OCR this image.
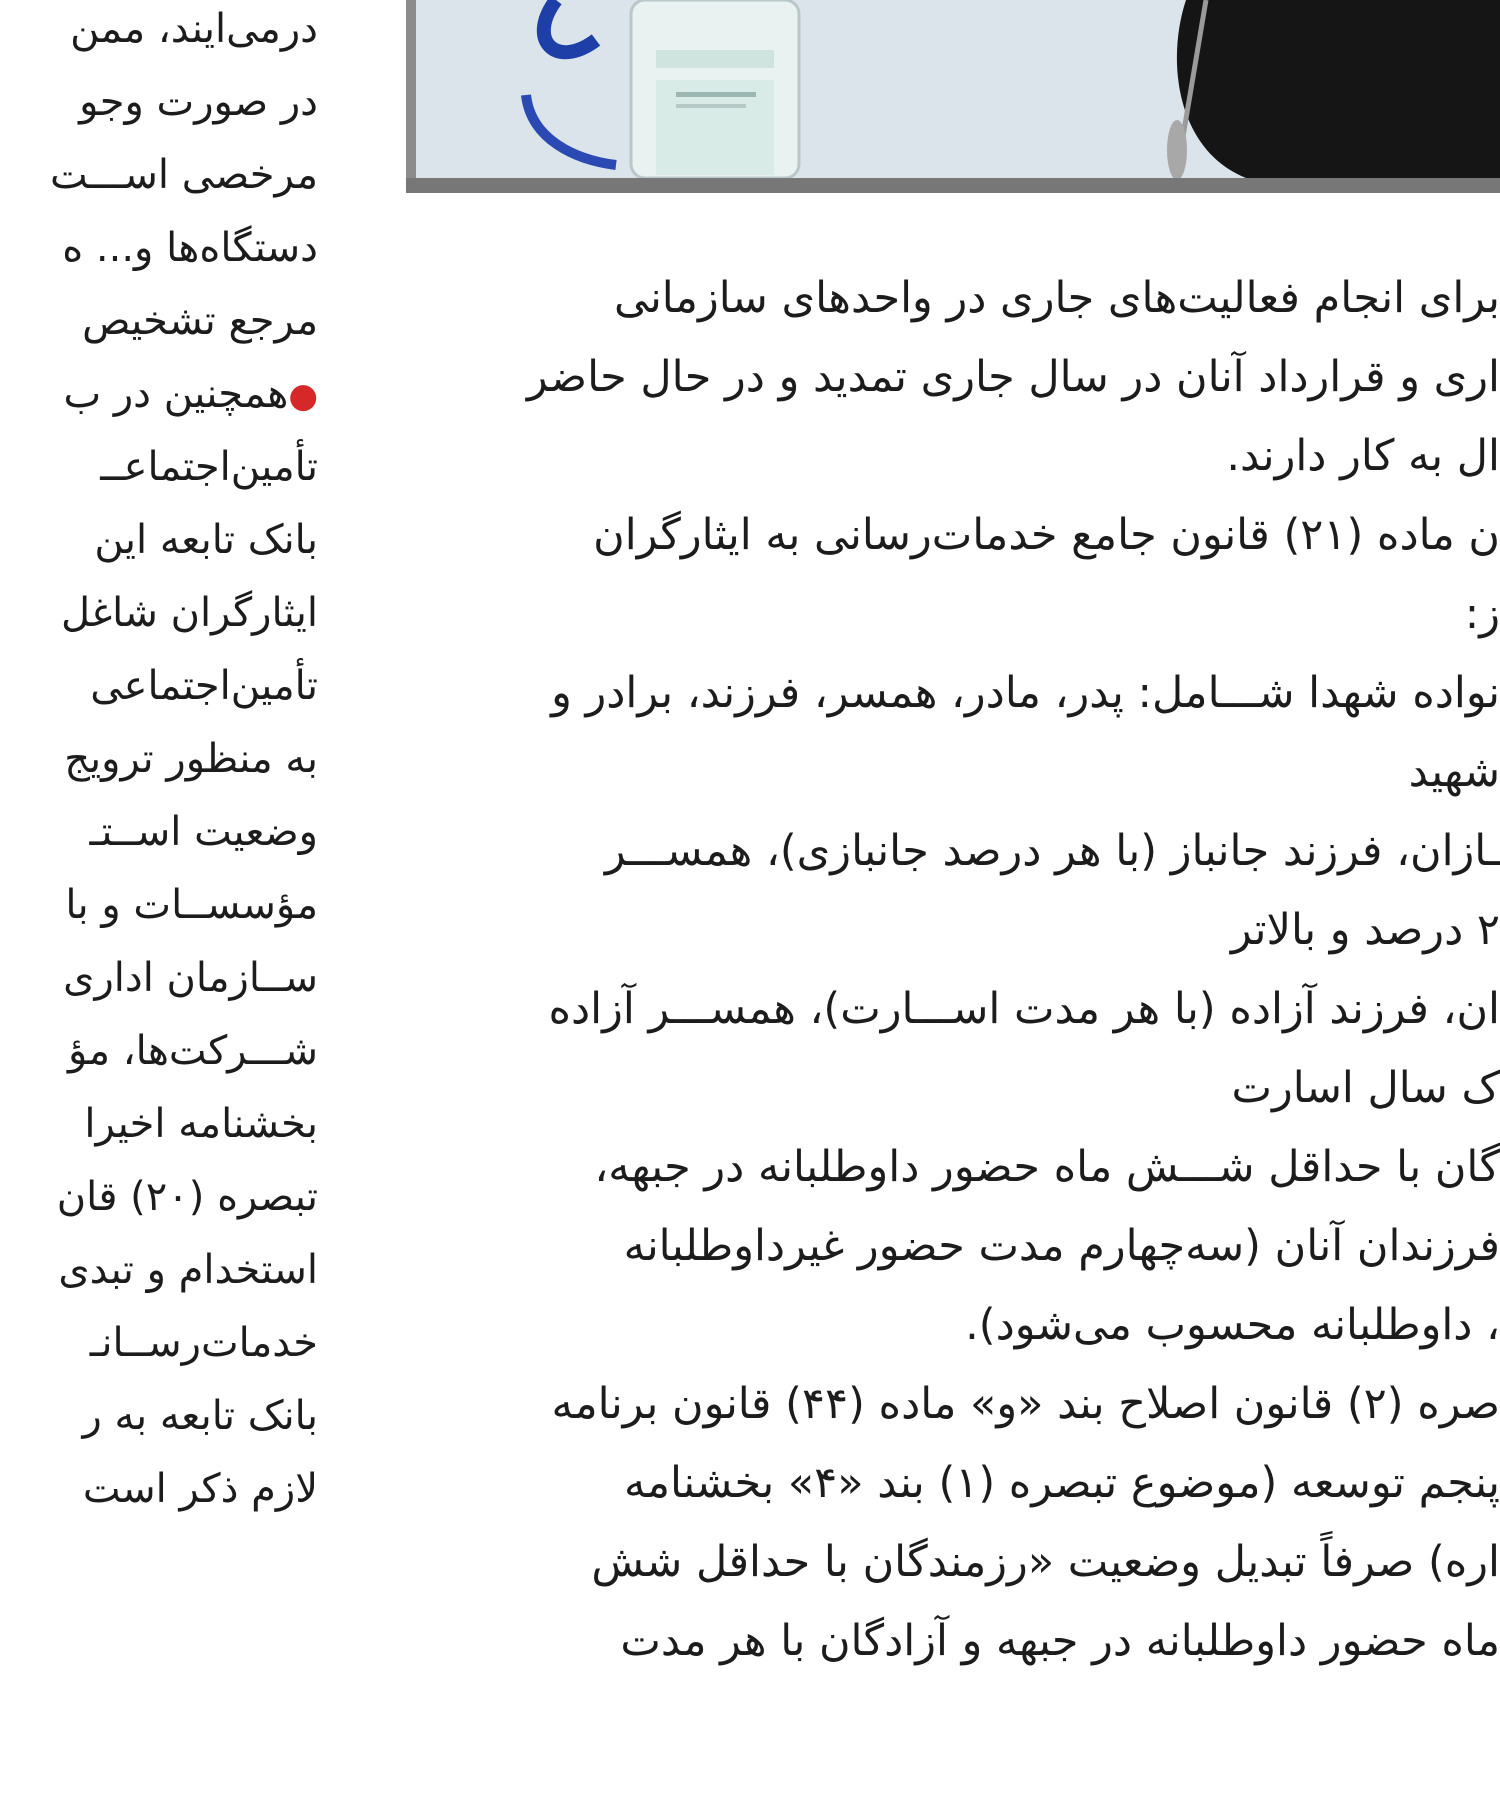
درمی‌ایند، ممن
در صورت وجو
مرخصی اســـت
دستگاه‌ها و... ه
مرجع تشخیص
●همچنین در ب
تأمین‌اجتماعــ
بانک تابعه این
ایثارگران شاغل
تأمین‌اجتماعی
به منظور ترویج
وضعیت اســتـ
مؤسســات و با
ســازمان اداری
شـــرکت‌ها، مؤ
بخشنامه اخیرا
تبصره (۲۰) قان
استخدام و تبدی
خدمات‌رســانـ
بانک تابعه به ر
لازم ذکر است
برای انجام فعالیت‌های جاری در واحدهای سازمانی
اری و قرارداد آنان در سال جاری تمدید و در حال حاضر
ال به کار دارند.
ن ماده (۲۱) قانون جامع خدمات‌رسانی به ایثارگران
ز:
نواده شهدا شـــامل: پدر، مادر، همسر، فرزند، برادر و
شهید
ـازان، فرزند جانباز (با هر درصد جانبازی)، همســـر
۲ درصد و بالاتر
ان، فرزند آزاده (با هر مدت اســـارت)، همســـر آزاده
ک سال اسارت
گان با حداقل شـــش ماه حضور داوطلبانه در جبهه،
فرزندان آنان (سه‌چهارم مدت حضور غیرداوطلبانه
، داوطلبانه محسوب می‌شود).
صره (۲) قانون اصلاح بند «و» ماده (۴۴) قانون برنامه
پنجم توسعه (موضوع تبصره (۱) بند «۴» بخشنامه
اره) صرفاً تبدیل وضعیت «رزمندگان با حداقل شش
ماه حضور داوطلبانه در جبهه و آزادگان با هر مدت
